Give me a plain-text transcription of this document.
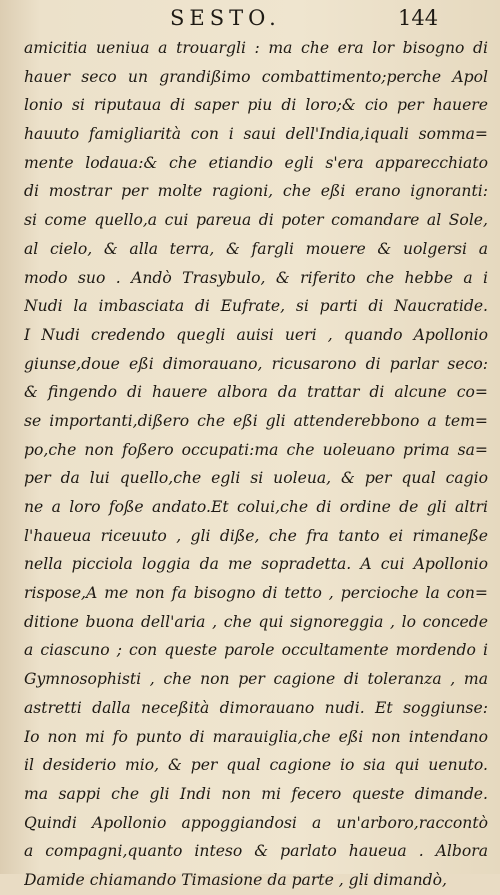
SESTO.	144
amicitia ueniua a trouargli : ma che era lor bisogno di
hauer seco un grandißimo combattimento;perche Apol
lonio si riputaua di saper piu di loro;& cio per hauere
hauuto famigliarità con i saui dell'India,iquali somma=
mente lodaua:& che etiandio egli s'era apparecchiato
di mostrar per molte ragioni, che eßi erano ignoranti:
si come quello,a cui pareua di poter comandare al Sole,
al cielo, & alla terra, & fargli mouere & uolgersi a
modo suo . Andò Trasybulo, & riferito che hebbe a i
Nudi la imbasciata di Eufrate, si parti di Naucratide.
I Nudi credendo quegli auisi ueri , quando Apollonio
giunse,doue eßi dimorauano, ricusarono di parlar seco:
& fingendo di hauere albora da trattar di alcune co=
se importanti,dißero che eßi gli attenderebbono a tem=
po,che non foßero occupati:ma che uoleuano prima sa=
per da lui quello,che egli si uoleua, & per qual cagio
ne a loro foße andato.Et colui,che di ordine de gli altri
l'haueua riceuuto , gli diße, che fra tanto ei rimaneße
nella picciola loggia da me sopradetta. A cui Apollonio
rispose,A me non fa bisogno di tetto , percioche la con=
ditione buona dell'aria , che qui signoreggia , lo concede
a ciascuno ; con queste parole occultamente mordendo i
Gymnosophisti , che non per cagione di toleranza , ma
astretti dalla neceßità dimorauano nudi. Et soggiunse:
Io non mi fo punto di marauiglia,che eßi non intendano
il desiderio mio, & per qual cagione io sia qui uenuto.
ma sappi che gli Indi non mi fecero queste dimande.
Quindi Apollonio appoggiandosi a un'arboro,raccontò
a compagni,quanto inteso & parlato haueua . Albora
Damide chiamando Timasione da parte , gli dimandò,
